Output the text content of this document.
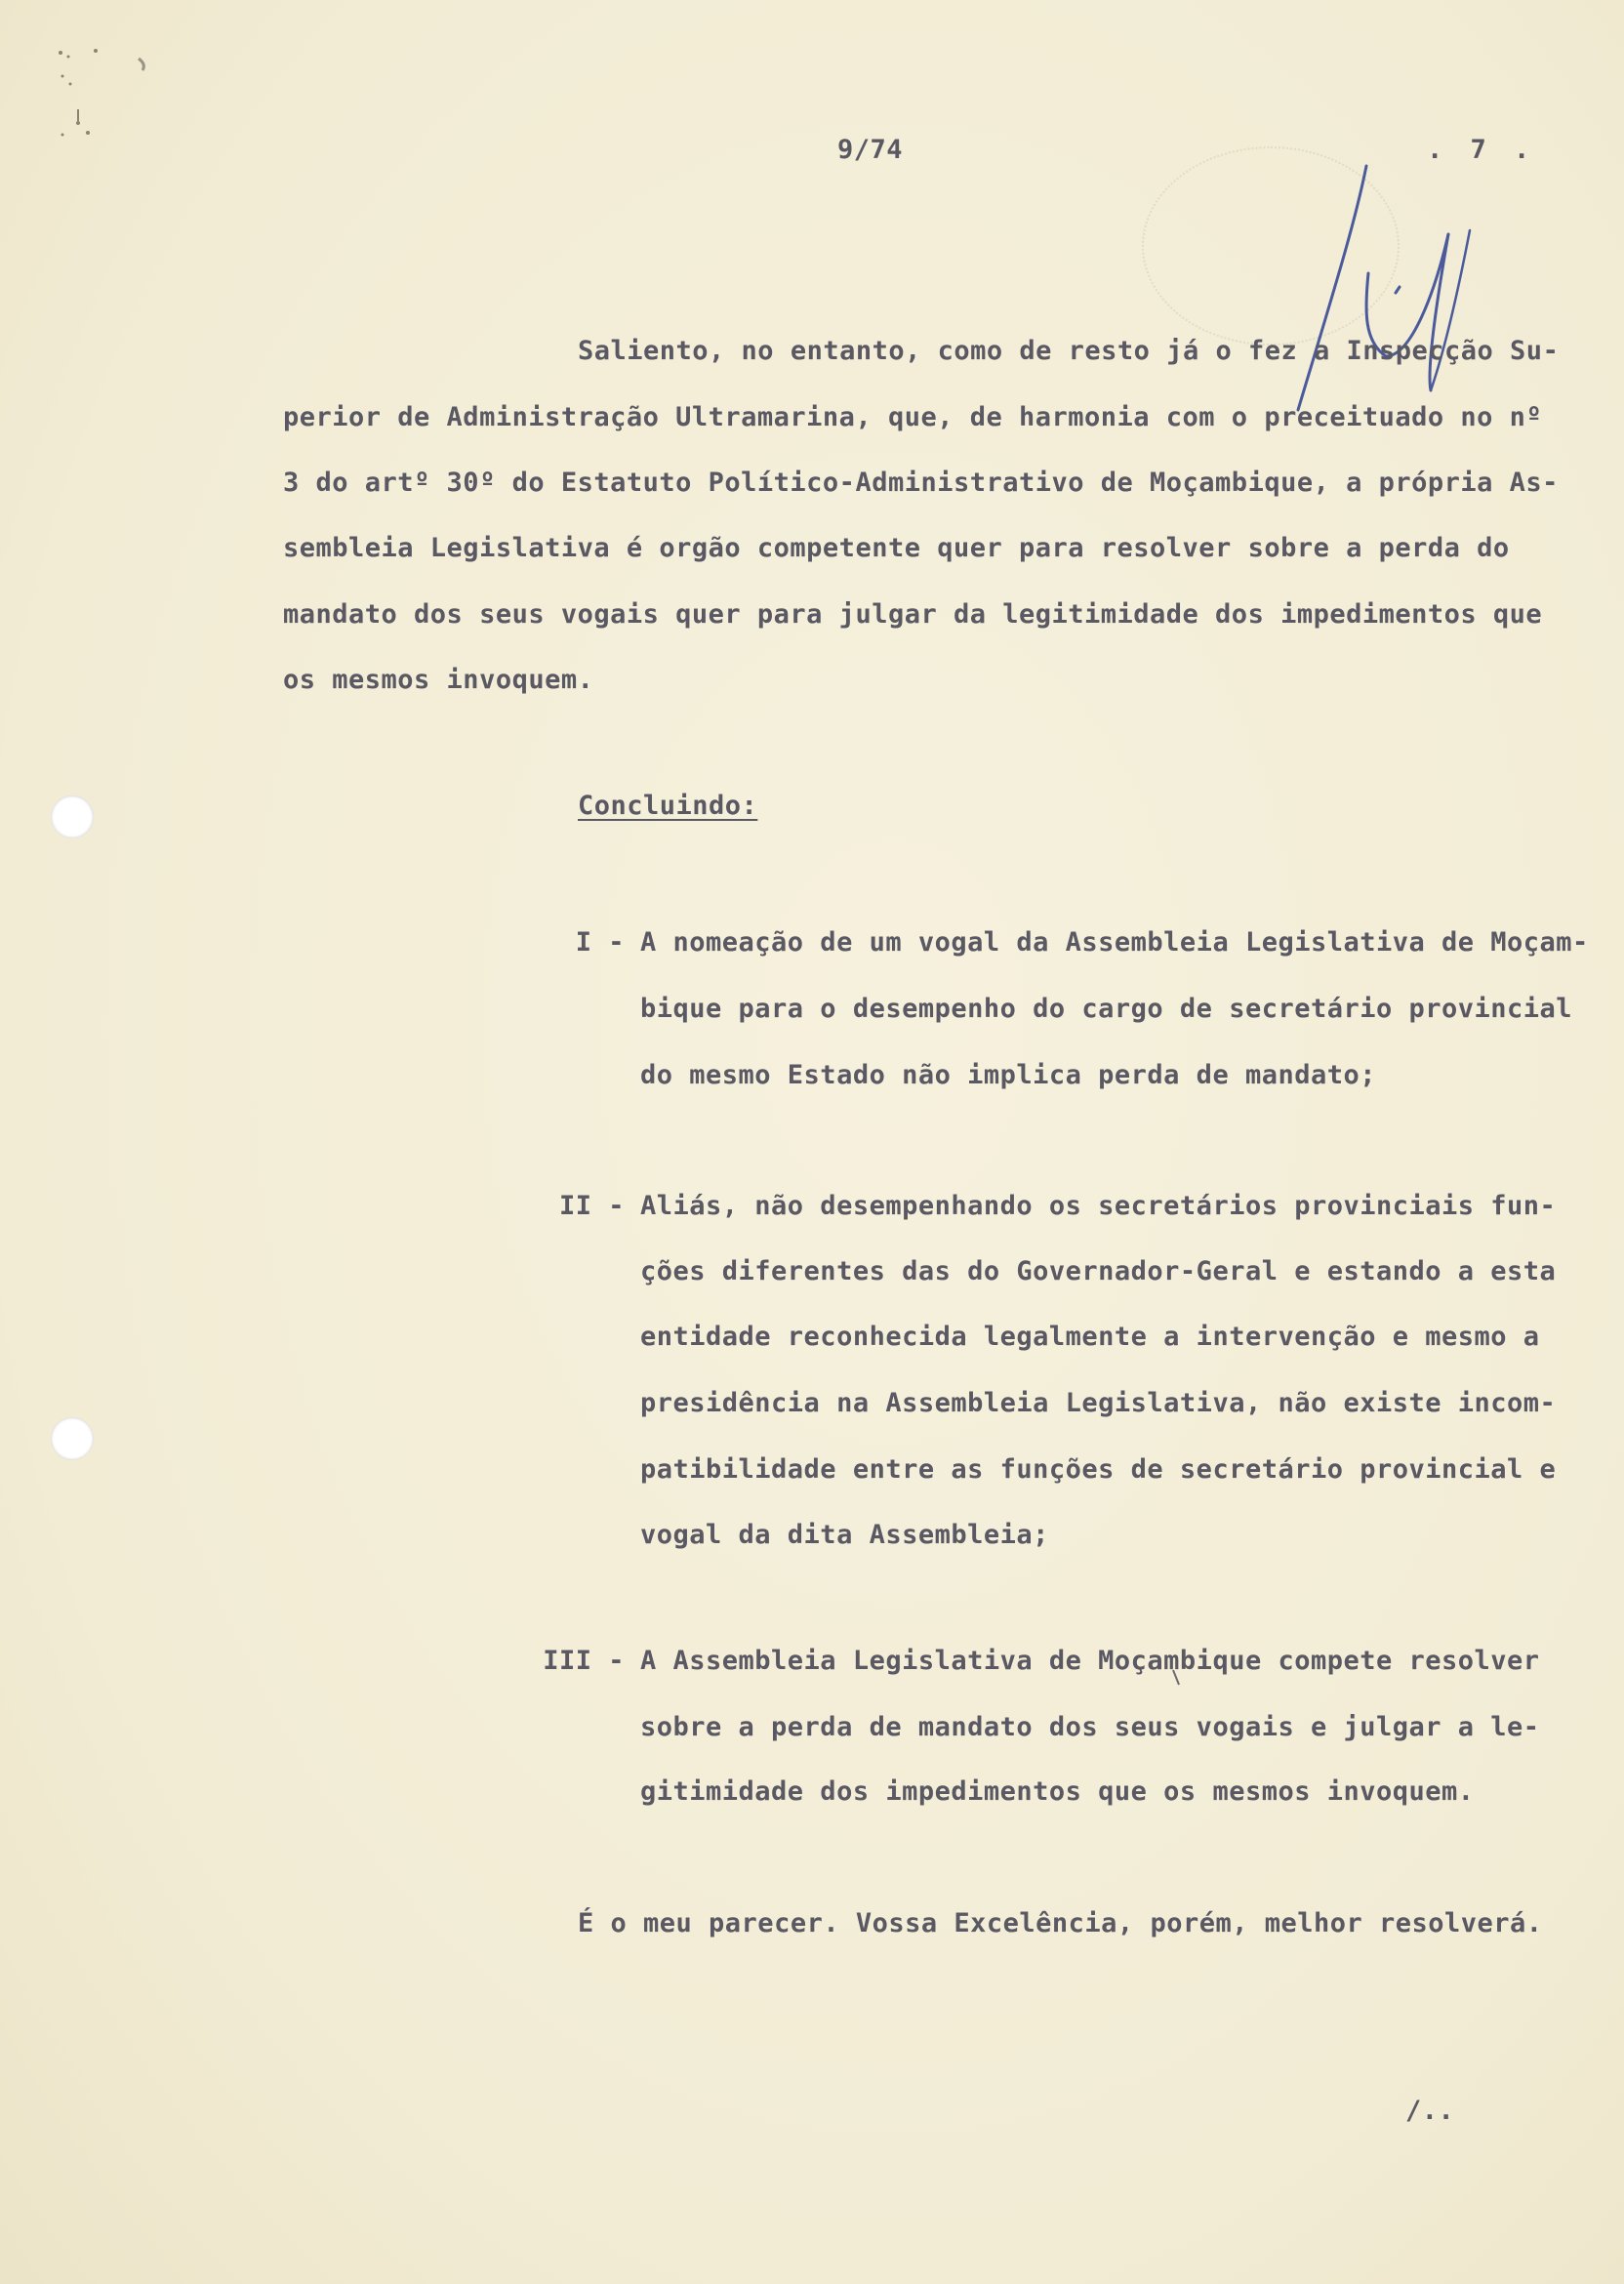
9/74	. 7 .
Saliento, no entanto, como de resto já o fez a Inspecção Su-
perior de Administração Ultramarina, que, de harmonia com o preceituado no nº
3 do artº 30º do Estatuto Político-Administrativo de Moçambique, a própria As-
sembleia Legislativa é orgão competente quer para resolver sobre a perda do
mandato dos seus vogais quer para julgar da legitimidade dos impedimentos que
os mesmos invoquem.
Concluindo:
I - A nomeação de um vogal da Assembleia Legislativa de Moçam-
bique para o desempenho do cargo de secretário provincial
do mesmo Estado não implica perda de mandato;
II - Aliás, não desempenhando os secretários provinciais fun-
ções diferentes das do Governador-Geral e estando a esta
entidade reconhecida legalmente a intervenção e mesmo a
presidência na Assembleia Legislativa, não existe incom-
patibilidade entre as funções de secretário provincial e
vogal da dita Assembleia;
III - A Assembleia Legislativa de Moçambique compete resolver
sobre a perda de mandato dos seus vogais e julgar a le-
gitimidade dos impedimentos que os mesmos invoquem.
É o meu parecer. Vossa Excelência, porém, melhor resolverá.
/..
